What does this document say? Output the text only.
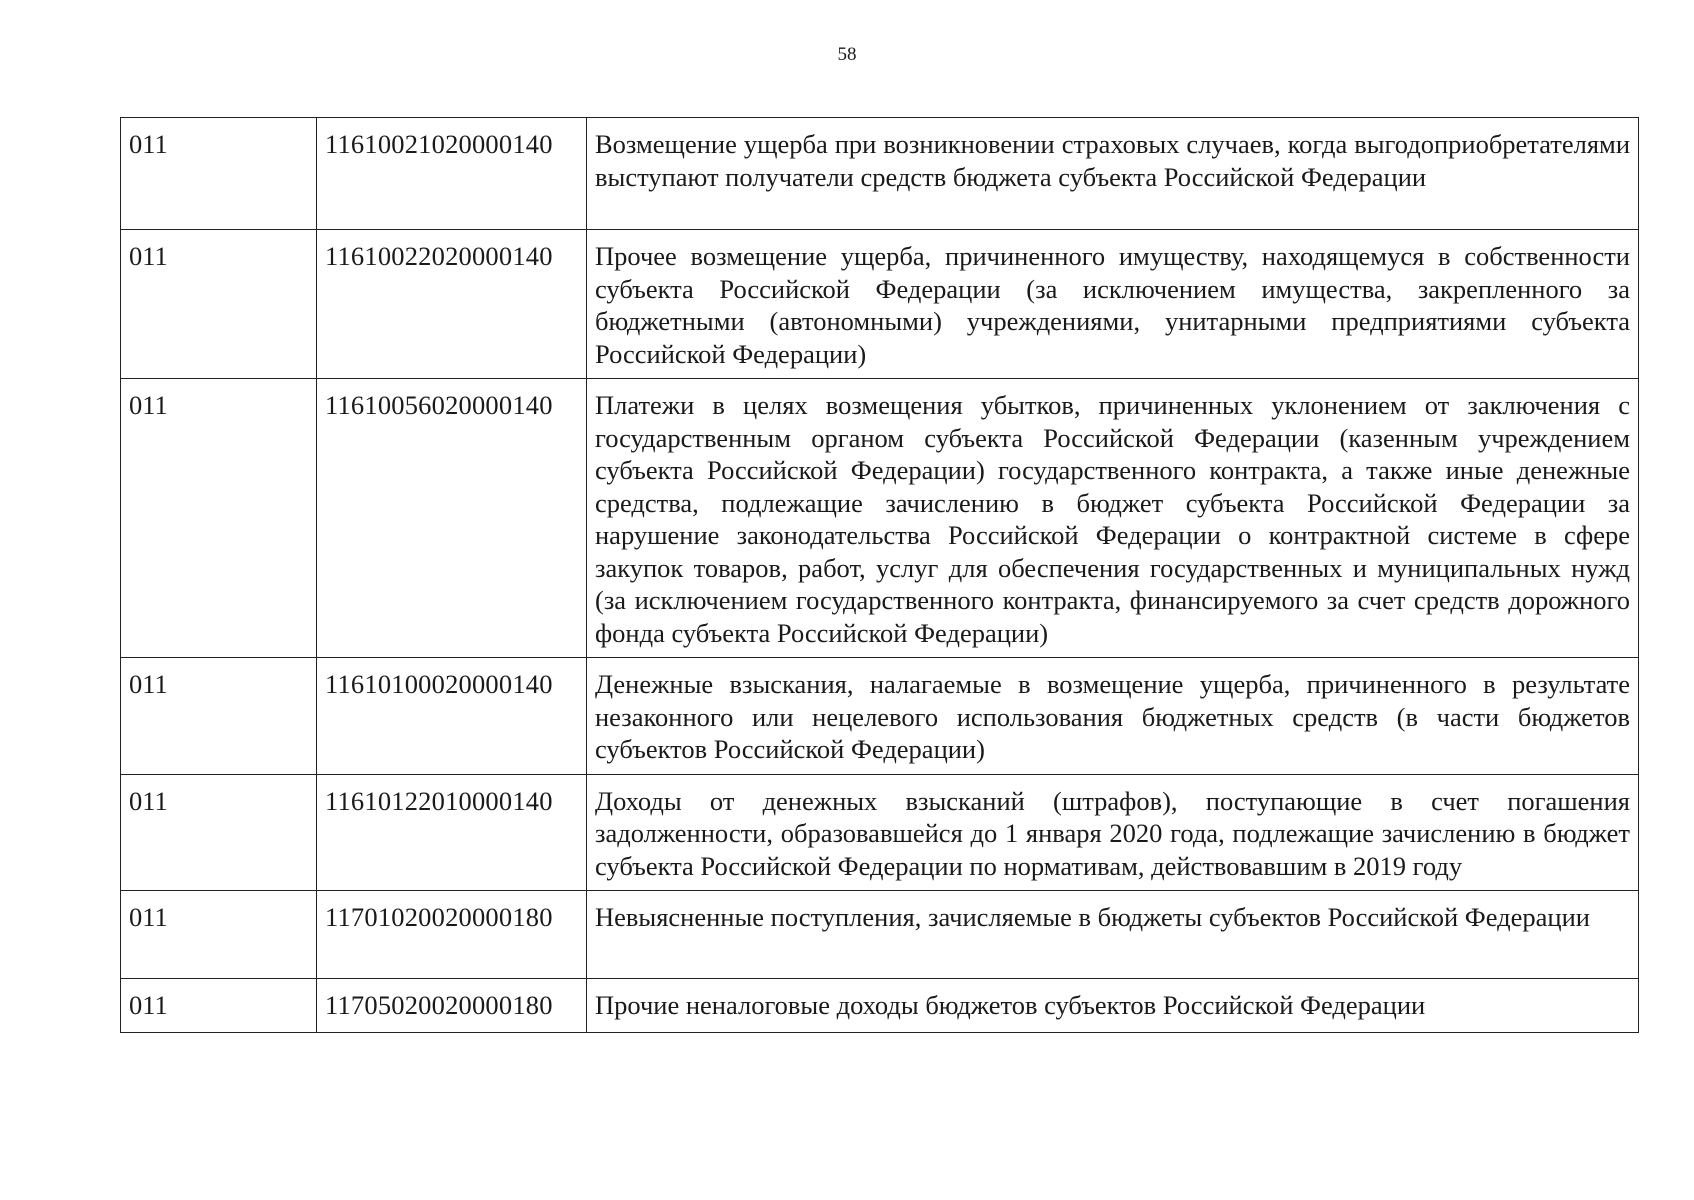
58
011	11610021020000140	Возмещение ущерба при возникновении страховых случаев, когда выгодоприобретателями выступают получатели средств бюджета субъекта Российской Федерации
011	11610022020000140	Прочее возмещение ущерба, причиненного имуществу, находящемуся в собственности субъекта Российской Федерации (за исключением имущества, закрепленного за бюджетными (автономными) учреждениями, унитарными предприятиями субъекта Российской Федерации)
011	11610056020000140	Платежи в целях возмещения убытков, причиненных уклонением от заключения с государственным органом субъекта Российской Федерации (казенным учреждением субъекта Российской Федерации) государственного контракта, а также иные денежные средства, подлежащие зачислению в бюджет субъекта Российской Федерации за нарушение законодательства Российской Федерации о контрактной системе в сфере закупок товаров, работ, услуг для обеспечения государственных и муниципальных нужд (за исключением государственного контракта, финансируемого за счет средств дорожного фонда субъекта Российской Федерации)
011	11610100020000140	Денежные взыскания, налагаемые в возмещение ущерба, причиненного в результате незаконного или нецелевого использования бюджетных средств (в части бюджетов субъектов Российской Федерации)
011	11610122010000140	Доходы от денежных взысканий (штрафов), поступающие в счет погашения задолженности, образовавшейся до 1 января 2020 года, подлежащие зачислению в бюджет субъекта Российской Федерации по нормативам, действовавшим в 2019 году
011	11701020020000180	Невыясненные поступления, зачисляемые в бюджеты субъектов Российской Федерации
011	11705020020000180	Прочие неналоговые доходы бюджетов субъектов Российской Федерации
